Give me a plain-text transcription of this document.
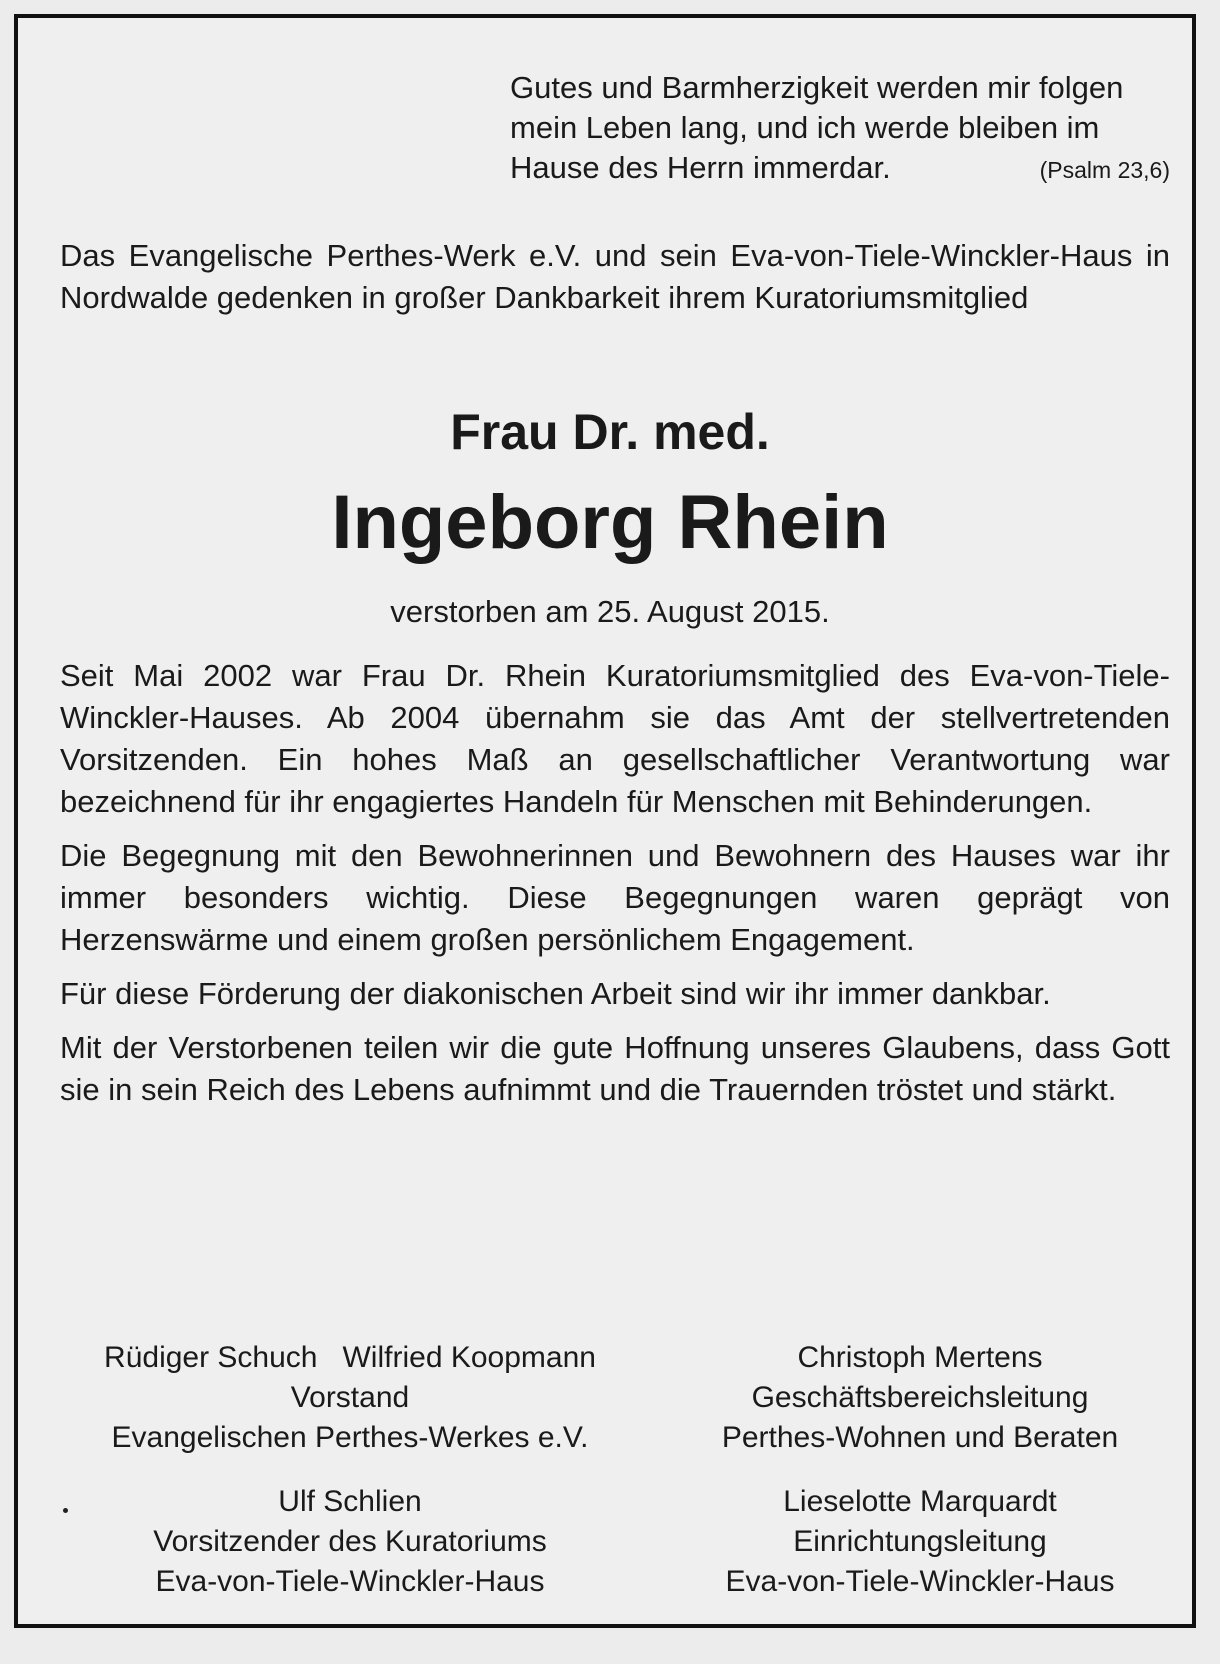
Gutes und Barmherzigkeit werden mir folgen
mein Leben lang, und ich werde bleiben im
Hause des Herrn immerdar.	(Psalm 23,6)
Das Evangelische Perthes-Werk e.V. und sein Eva-von-Tiele-Winckler-Haus in Nordwalde gedenken in großer Dankbarkeit ihrem Kuratoriumsmitglied
Frau Dr. med.
Ingeborg Rhein
verstorben am 25. August 2015.

Seit Mai 2002 war Frau Dr. Rhein Kuratoriumsmitglied des Eva-von-Tiele-Winckler-Hauses. Ab 2004 übernahm sie das Amt der stellvertretenden Vorsitzenden. Ein hohes Maß an gesellschaftlicher Verantwortung war bezeichnend für ihr engagiertes Handeln für Menschen mit Behinderungen.

Die Begegnung mit den Bewohnerinnen und Bewohnern des Hauses war ihr immer besonders wichtig. Diese Begegnungen waren geprägt von Herzenswärme und einem großen persönlichem Engagement.

Für diese Förderung der diakonischen Arbeit sind wir ihr immer dankbar.

Mit der Verstorbenen teilen wir die gute Hoffnung unseres Glaubens, dass Gott sie in sein Reich des Lebens aufnimmt und die Trauernden tröstet und stärkt.

Rüdiger Schuch   Wilfried Koopmann
Vorstand
Evangelischen Perthes-Werkes e.V.
Christoph Mertens
Geschäftsbereichsleitung
Perthes-Wohnen und Beraten
Ulf Schlien
Vorsitzender des Kuratoriums
Eva-von-Tiele-Winckler-Haus
Lieselotte Marquardt
Einrichtungsleitung
Eva-von-Tiele-Winckler-Haus
